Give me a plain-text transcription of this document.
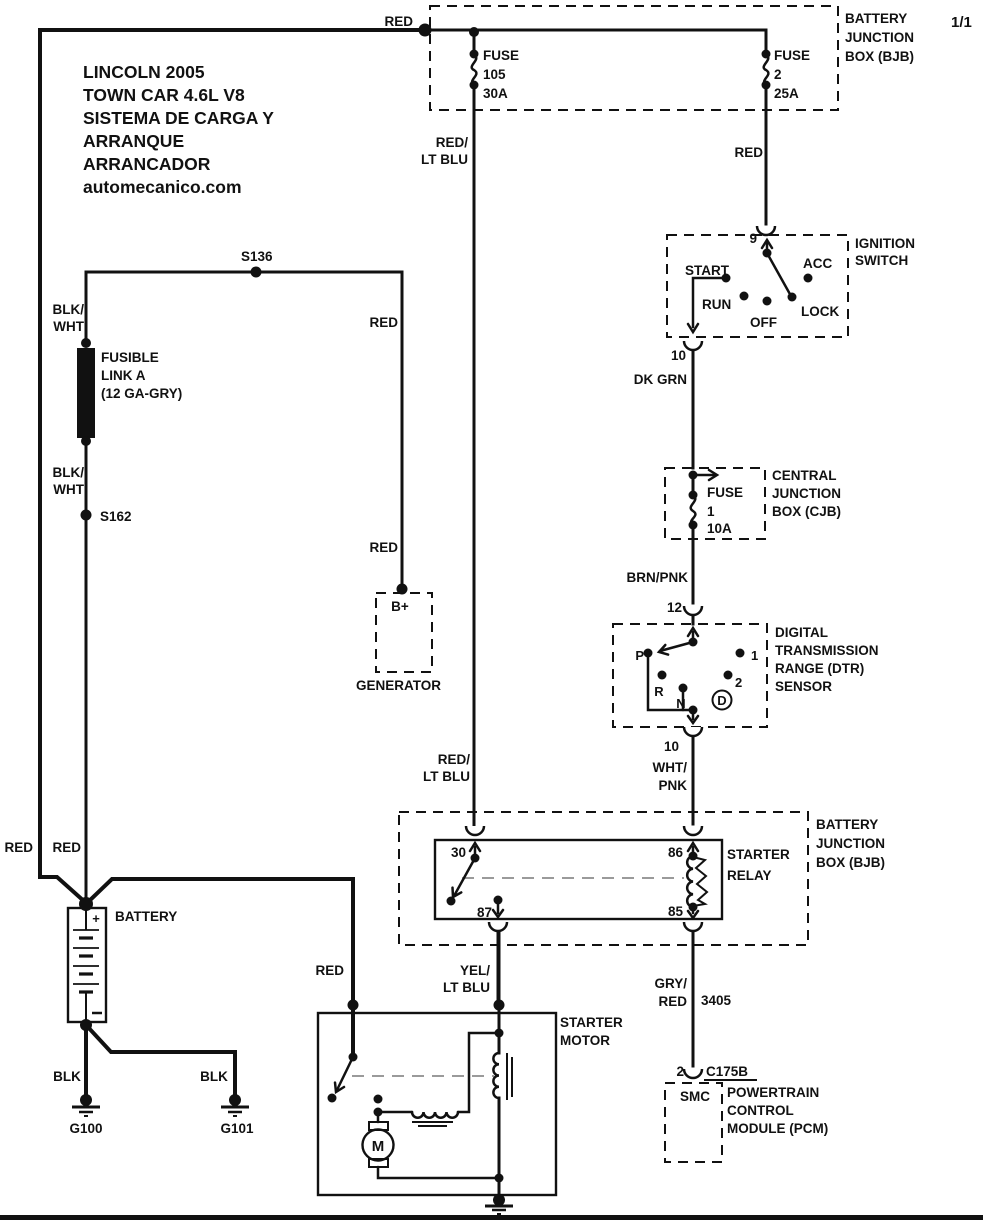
LINCOLN 2005
TOWN CAR 4.6L V8
SISTEMA DE CARGA Y
ARRANQUE
ARRANCADOR
automecanico.com
1/1
BATTERY
JUNCTION
BOX (BJB)
FUSE
105
30A
FUSE
2
25A
RED
RED/
LT BLU	RED
9	IGNITION
SWITCH
START	ACC
RUN
OFF
LOCK
10
DK GRN
CENTRAL
JUNCTION
BOX (CJB)
FUSE
1
10A
BRN/PNK
12
DIGITAL
TRANSMISSION
RANGE (DTR)
SENSOR
P	1
R
2
N D
10
WHT/
PNK
RED/
LT BLU
30	86
87	85
STARTER
RELAY
BATTERY
JUNCTION
BOX (BJB)
YEL/
LT BLU	GRY/
RED 3405
RED
2 C175B
SMC POWERTRAIN
CONTROL
MODULE (PCM)
STARTER
MOTOR
M
BATTERY
+
B+
GENERATOR
G100	G101
S136
S162
FUSIBLE
LINK A
(12 GA-GRY)
BLK/
WHT
BLK/
WHT
RED
RED
RED RED
BLK	BLK
